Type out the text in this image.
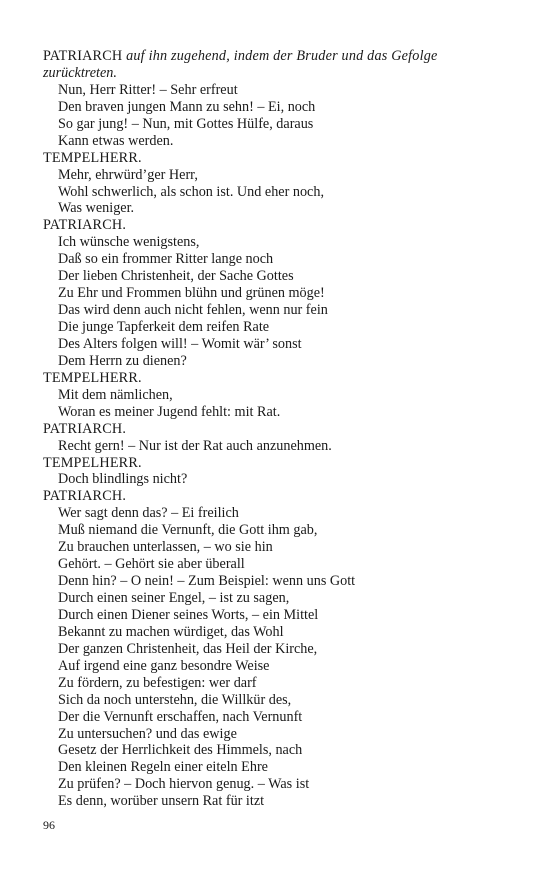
PATRIARCH auf ihn zugehend, indem der Bruder und das Gefolge
zurücktreten.
Nun, Herr Ritter! – Sehr erfreut
Den braven jungen Mann zu sehn! – Ei, noch
So gar jung! – Nun, mit Gottes Hülfe, daraus
Kann etwas werden.
TEMPELHERR.
Mehr, ehrwürd’ger Herr,
Wohl schwerlich, als schon ist. Und eher noch,
Was weniger.
PATRIARCH.
Ich wünsche wenigstens,
Daß so ein frommer Ritter lange noch
Der lieben Christenheit, der Sache Gottes
Zu Ehr und Frommen blühn und grünen möge!
Das wird denn auch nicht fehlen, wenn nur fein
Die junge Tapferkeit dem reifen Rate
Des Alters folgen will! – Womit wär’ sonst
Dem Herrn zu dienen?
TEMPELHERR.
Mit dem nämlichen,
Woran es meiner Jugend fehlt: mit Rat.
PATRIARCH.
Recht gern! – Nur ist der Rat auch anzunehmen.
TEMPELHERR.
Doch blindlings nicht?
PATRIARCH.
Wer sagt denn das? – Ei freilich
Muß niemand die Vernunft, die Gott ihm gab,
Zu brauchen unterlassen, – wo sie hin
Gehört. – Gehört sie aber überall
Denn hin? – O nein! – Zum Beispiel: wenn uns Gott
Durch einen seiner Engel, – ist zu sagen,
Durch einen Diener seines Worts, – ein Mittel
Bekannt zu machen würdiget, das Wohl
Der ganzen Christenheit, das Heil der Kirche,
Auf irgend eine ganz besondre Weise
Zu fördern, zu befestigen: wer darf
Sich da noch unterstehn, die Willkür des,
Der die Vernunft erschaffen, nach Vernunft
Zu untersuchen? und das ewige
Gesetz der Herrlichkeit des Himmels, nach
Den kleinen Regeln einer eiteln Ehre
Zu prüfen? – Doch hiervon genug. – Was ist
Es denn, worüber unsern Rat für itzt
96
